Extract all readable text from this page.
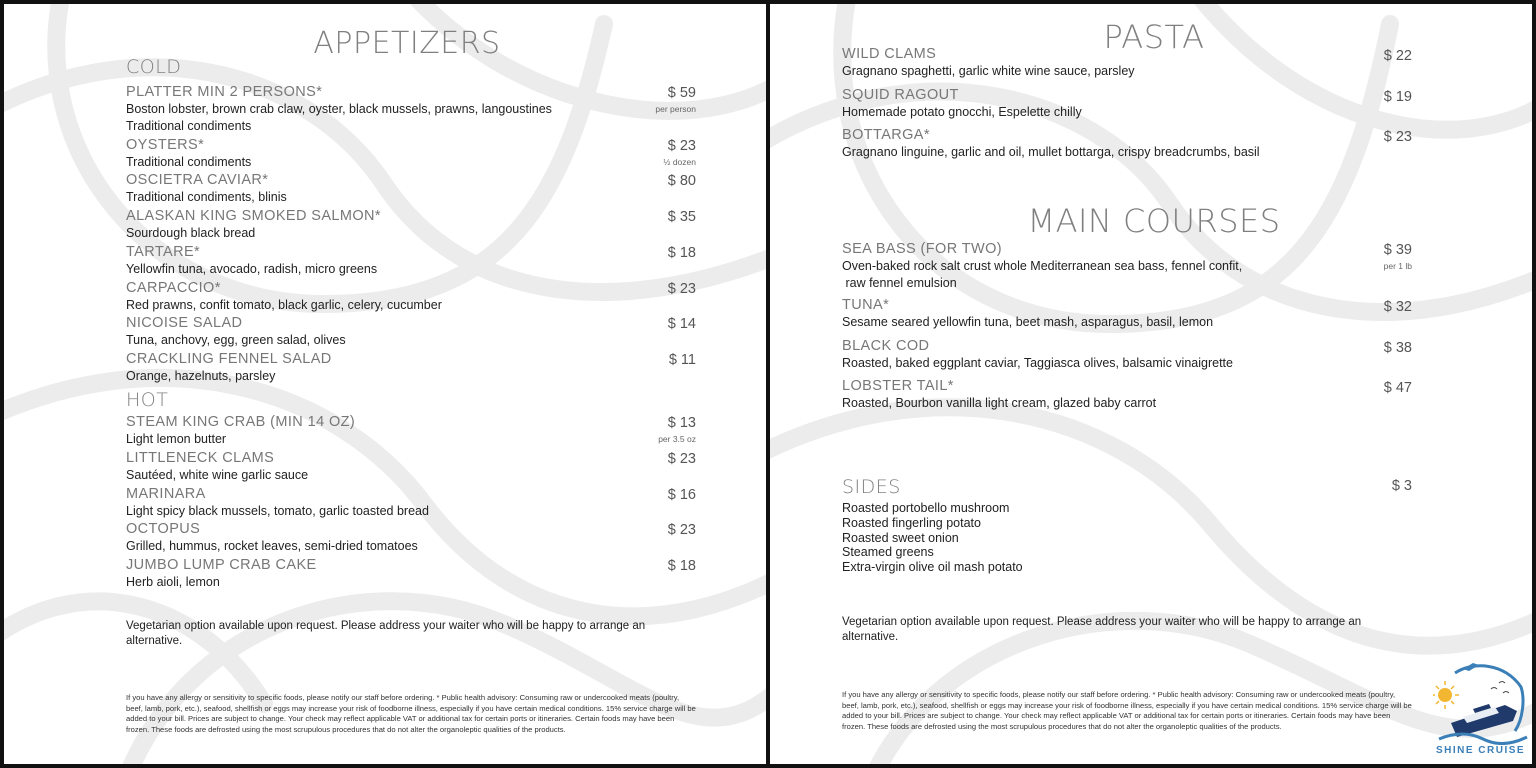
APPETIZERS
COLD
PLATTER MIN 2 PERSONS*
Boston lobster, brown crab claw, oyster, black mussels, prawns, langoustines
Traditional condiments
$ 59
per person
OYSTERS*
Traditional condiments
$ 23
½ dozen
OSCIETRA CAVIAR*
Traditional condiments, blinis
$ 80
ALASKAN KING SMOKED SALMON*
Sourdough black bread
$ 35
TARTARE*
Yellowfin tuna, avocado, radish, micro greens
$ 18
CARPACCIO*
Red prawns, confit tomato, black garlic, celery, cucumber
$ 23
NICOISE SALAD
Tuna, anchovy, egg, green salad, olives
$ 14
CRACKLING FENNEL SALAD
Orange, hazelnuts, parsley
$ 11
HOT
STEAM KING CRAB (MIN 14 OZ)
Light lemon butter
$ 13
per 3.5 oz
LITTLENECK CLAMS
Sautéed, white wine garlic sauce
$ 23
MARINARA
Light spicy black mussels, tomato, garlic toasted bread
$ 16
OCTOPUS
Grilled, hummus, rocket leaves, semi-dried tomatoes
$ 23
JUMBO LUMP CRAB CAKE
Herb aioli, lemon
$ 18
Vegetarian option available upon request. Please address your waiter who will be happy to arrange an alternative.
If you have any allergy or sensitivity to specific foods, please notify our staff before ordering. * Public health advisory: Consuming raw or undercooked meats (poultry, beef, lamb, pork, etc.), seafood, shellfish or eggs may increase your risk of foodborne illness, especially if you have certain medical conditions. 15% service charge will be added to your bill. Prices are subject to change. Your check may reflect applicable VAT or additional tax for certain ports or itineraries. Certain foods may have been frozen. These foods are defrosted using the most scrupulous procedures that do not alter the organoleptic qualities of the products.
PASTA
WILD CLAMS
Gragnano spaghetti, garlic white wine sauce, parsley
$ 22
SQUID RAGOUT
Homemade potato gnocchi, Espelette chilly
$ 19
BOTTARGA*
Gragnano linguine, garlic and oil, mullet bottarga, crispy breadcrumbs, basil
$ 23
MAIN COURSES
SEA BASS (FOR TWO)
Oven-baked rock salt crust whole Mediterranean sea bass, fennel confit,
raw fennel emulsion
$ 39
per 1 lb
TUNA*
Sesame seared yellowfin tuna, beet mash, asparagus, basil, lemon
$ 32
BLACK COD
Roasted, baked eggplant caviar, Taggiasca olives, balsamic vinaigrette
$ 38
LOBSTER TAIL*
Roasted, Bourbon vanilla light cream, glazed baby carrot
$ 47
SIDES	$ 3
Roasted portobello mushroom
Roasted fingerling potato
Roasted sweet onion
Steamed greens
Extra-virgin olive oil mash potato
Vegetarian option available upon request. Please address your waiter who will be happy to arrange an alternative.
If you have any allergy or sensitivity to specific foods, please notify our staff before ordering. * Public health advisory: Consuming raw or undercooked meats (poultry, beef, lamb, pork, etc.), seafood, shellfish or eggs may increase your risk of foodborne illness, especially if you have certain medical conditions. 15% service charge will be added to your bill. Prices are subject to change. Your check may reflect applicable VAT or additional tax for certain ports or itineraries. Certain foods may have been frozen. These foods are defrosted using the most scrupulous procedures that do not alter the organoleptic qualities of the products.
SHINE CRUISE
